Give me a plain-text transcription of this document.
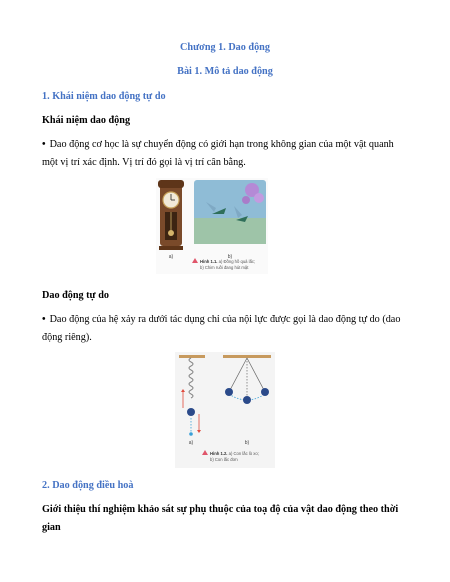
Chương 1. Dao động
Bài 1. Mô tả dao động
1. Khái niệm dao động tự do
Khái niệm dao động
• Dao động cơ học là sự chuyển động có giới hạn trong không gian của một vật quanh
một vị trí xác định. Vị trí đó gọi là vị trí cân bằng.
a)	b)
Hình 1.1. a) Đồng hồ quả lắc;
b) Chim ruồi đang hút mật
Dao động tự do
• Dao động của hệ xảy ra dưới tác dụng chỉ của nội lực được gọi là dao động tự do (dao
động riêng).
a)	b)
Hình 1.2. a) Con lắc lò xo;
b) Con lắc đơn
2. Dao động điều hoà
Giới thiệu thí nghiệm khảo sát sự phụ thuộc của toạ độ của vật dao động theo thời
gian
